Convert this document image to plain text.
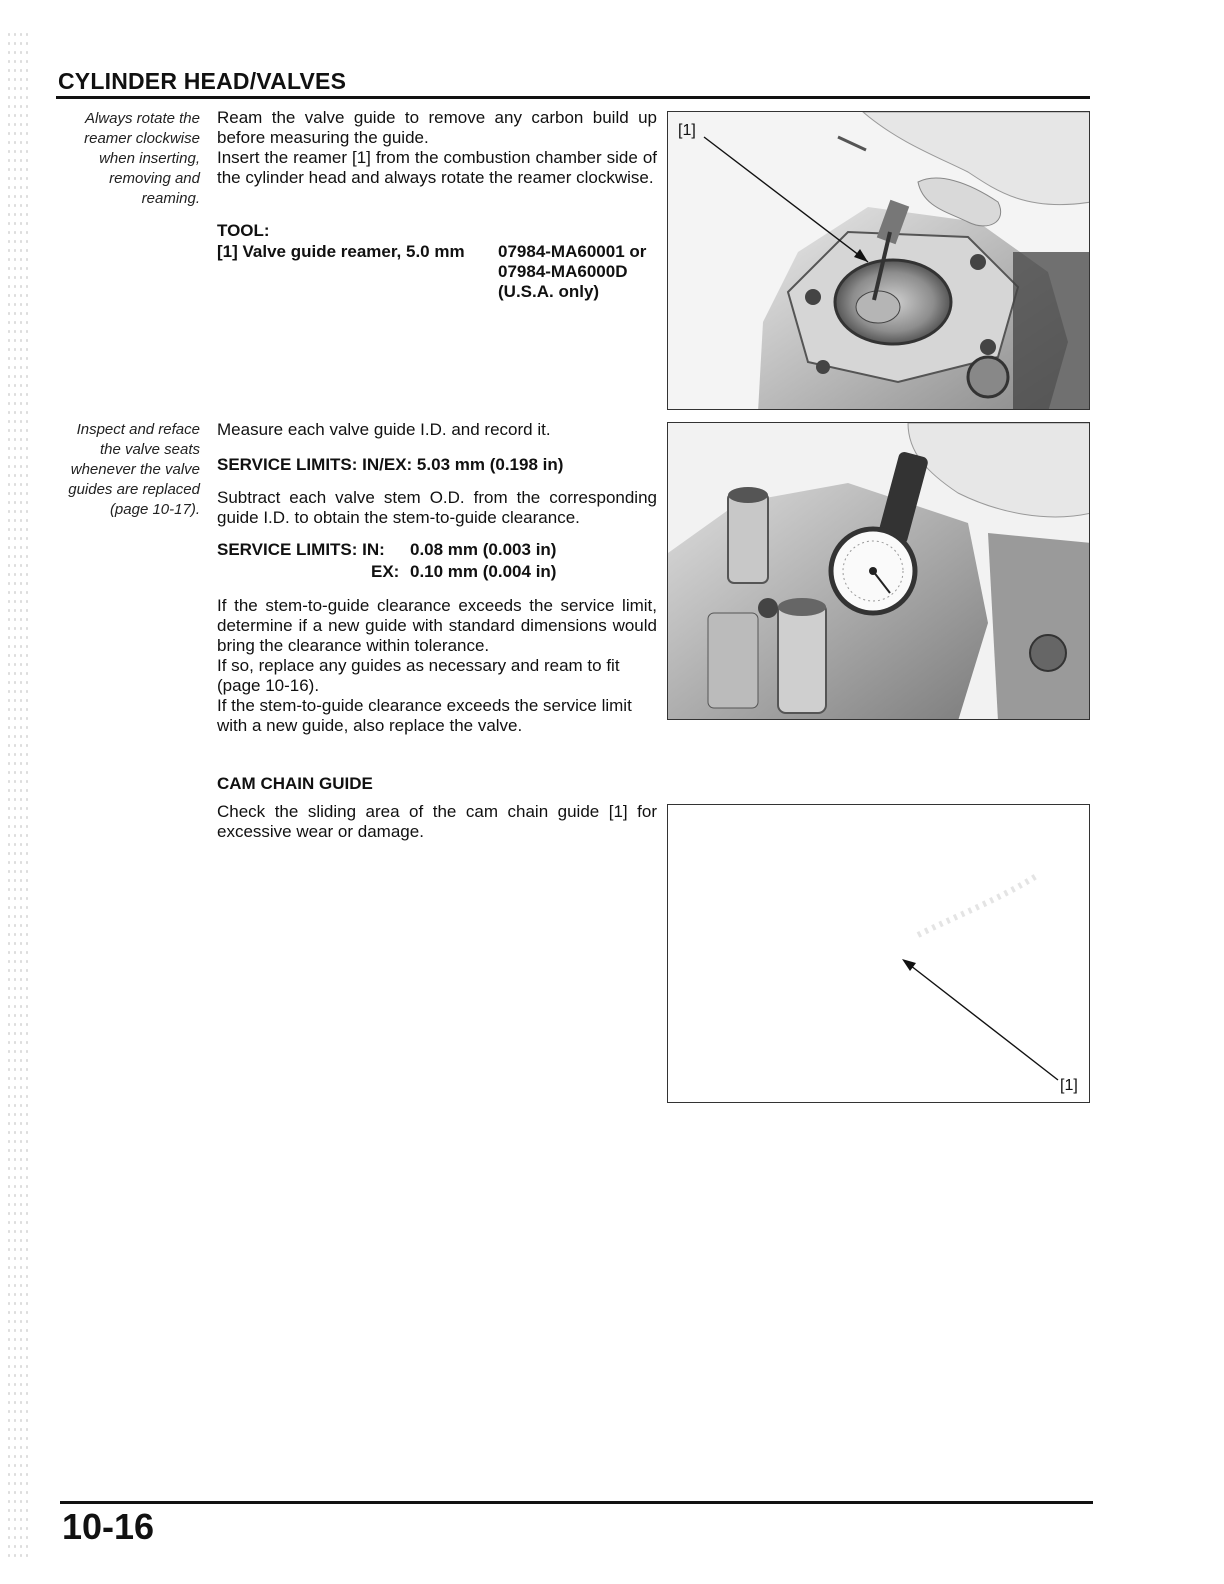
CYLINDER HEAD/VALVES
Always rotate the
reamer clockwise
when inserting,
removing and
reaming.
Ream the valve guide to remove any carbon build up before measuring the guide.
Insert the reamer [1] from the combustion chamber side of the cylinder head and always rotate the reamer clockwise.
TOOL:
[1] Valve guide reamer, 5.0 mm 07984-MA60001 or
07984-MA6000D
(U.S.A. only)
[1]
Inspect and reface
the valve seats
whenever the valve
guides are replaced
(page 10-17).
Measure each valve guide I.D. and record it.
SERVICE LIMITS: IN/EX: 5.03 mm (0.198 in)
Subtract each valve stem O.D. from the corresponding guide I.D. to obtain the stem-to-guide clearance.
SERVICE LIMITS: IN: 0.08 mm (0.003 in)
EX: 0.10 mm (0.004 in)
If the stem-to-guide clearance exceeds the service limit, determine if a new guide with standard dimensions would bring the clearance within tolerance.
If so, replace any guides as necessary and ream to fit (page 10-16).
If the stem-to-guide clearance exceeds the service limit with a new guide, also replace the valve.
CAM CHAIN GUIDE
Check the sliding area of the cam chain guide [1] for excessive wear or damage.
[1]
10-16
